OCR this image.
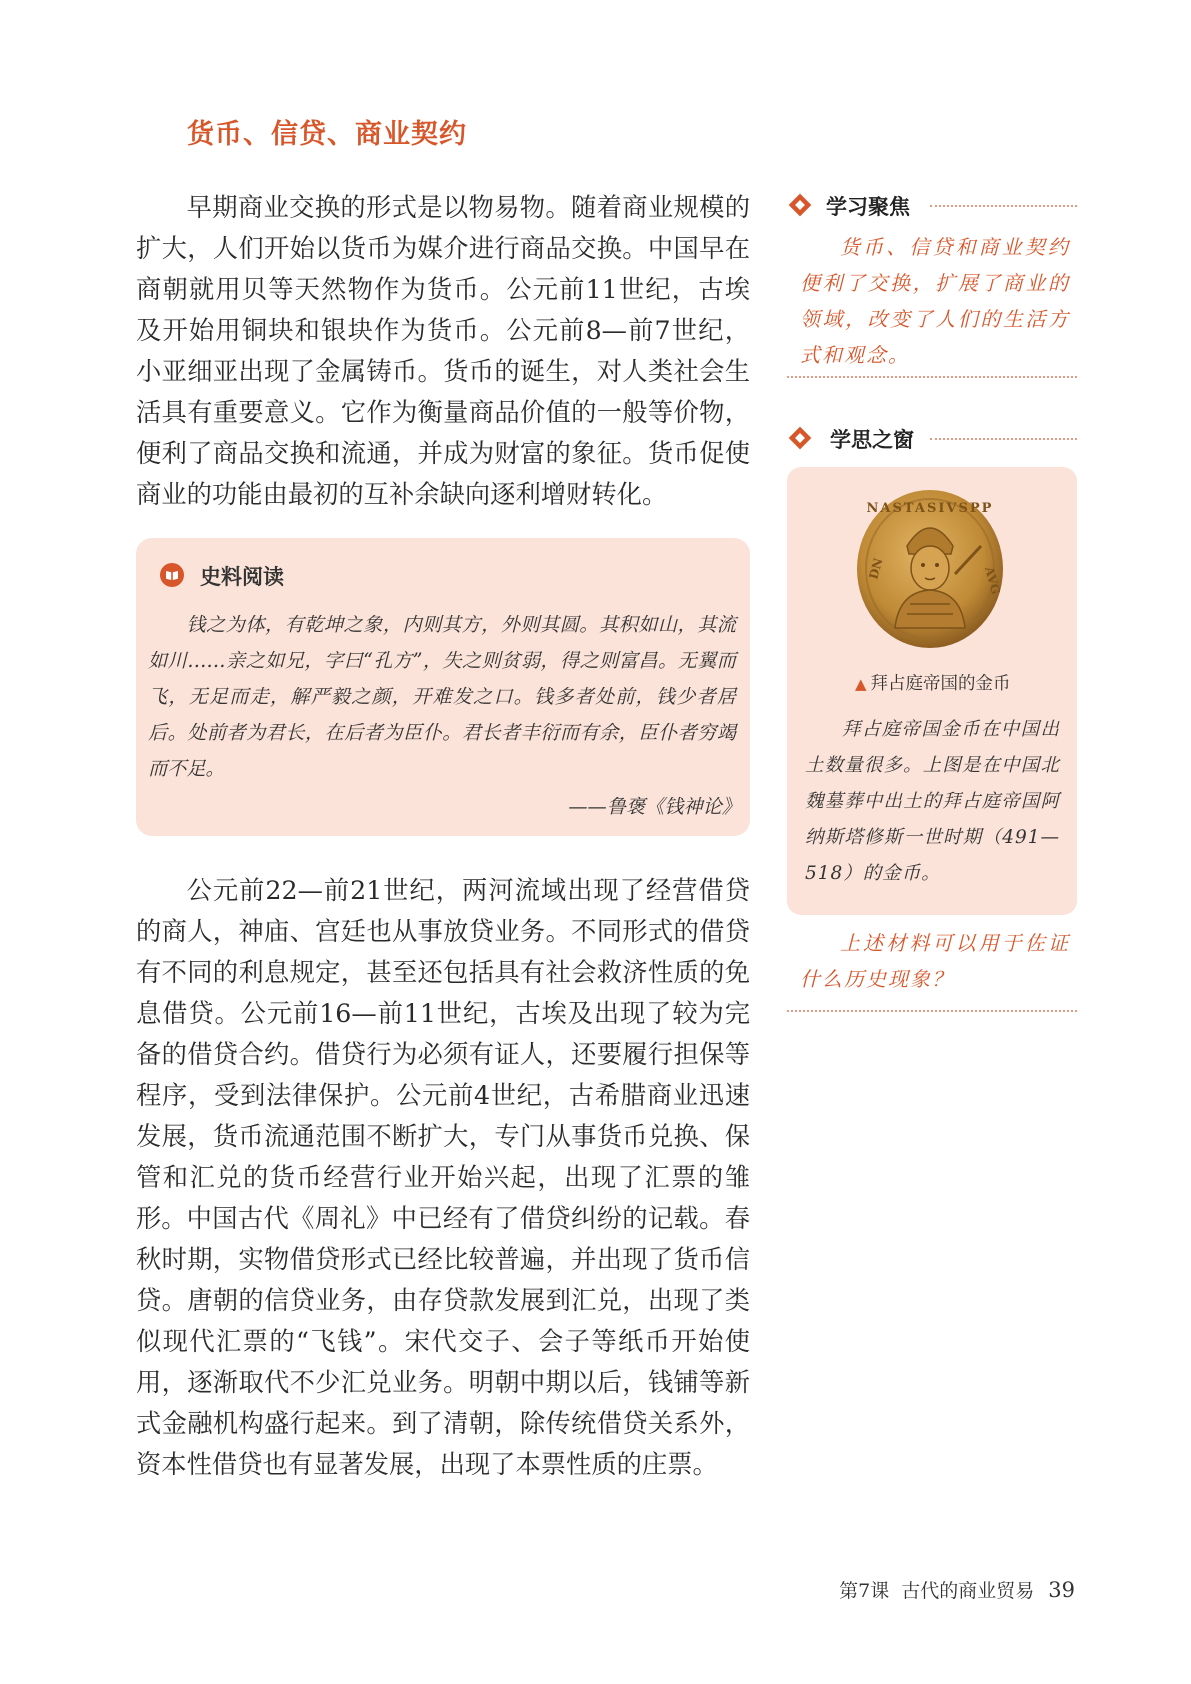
货币、信贷、商业契约

早期商业交换的形式是以物易物。随着商业规模的扩大，人们开始以货币为媒介进行商品交换。中国早在商朝就用贝等天然物作为货币。公元前11世纪，古埃及开始用铜块和银块作为货币。公元前8—前7世纪，小亚细亚出现了金属铸币。货币的诞生，对人类社会生活具有重要意义。它作为衡量商品价值的一般等价物，便利了商品交换和流通，并成为财富的象征。货币促使商业的功能由最初的互补余缺向逐利增财转化。

史料阅读

钱之为体，有乾坤之象，内则其方，外则其圆。其积如山，其流如川……亲之如兄，字曰“孔方”，失之则贫弱，得之则富昌。无翼而飞，无足而走，解严毅之颜，开难发之口。钱多者处前，钱少者居后。处前者为君长，在后者为臣仆。君长者丰衍而有余，臣仆者穷竭而不足。

——鲁褒《钱神论》

公元前22—前21世纪，两河流域出现了经营借贷的商人，神庙、宫廷也从事放贷业务。不同形式的借贷有不同的利息规定，甚至还包括具有社会救济性质的免息借贷。公元前16—前11世纪，古埃及出现了较为完备的借贷合约。借贷行为必须有证人，还要履行担保等程序，受到法律保护。公元前4世纪，古希腊商业迅速发展，货币流通范围不断扩大，专门从事货币兑换、保管和汇兑的货币经营行业开始兴起，出现了汇票的雏形。 中国古代《周礼》中已经有了借贷纠纷的记载。春秋时期，实物借贷形式已经比较普遍，并出现了货币信贷。唐朝的信贷业务，由存贷款发展到汇兑，出现了类似现代汇票的“飞钱”。宋代交子、会子等纸币开始使用，逐渐取代不少汇兑业务。明朝中期以后，钱铺等新式金融机构盛行起来。到了清朝，除传统借贷关系外，资本性借贷也有显著发展，出现了本票性质的庄票。

学习聚焦

货币、信贷和商业契约便利了交换，扩展了商业的领域，改变了人们的生活方式和观念。

学思之窗
NASTASIVSPP
DN	AVG
▲ 拜占庭帝国的金币

拜占庭帝国金币在中国出土数量很多。上图是在中国北魏墓葬中出土的拜占庭帝国阿纳斯塔修斯一世时期（491—518）的金币。

上述材料可以用于佐证什么历史现象？

第7课 古代的商业贸易 39
